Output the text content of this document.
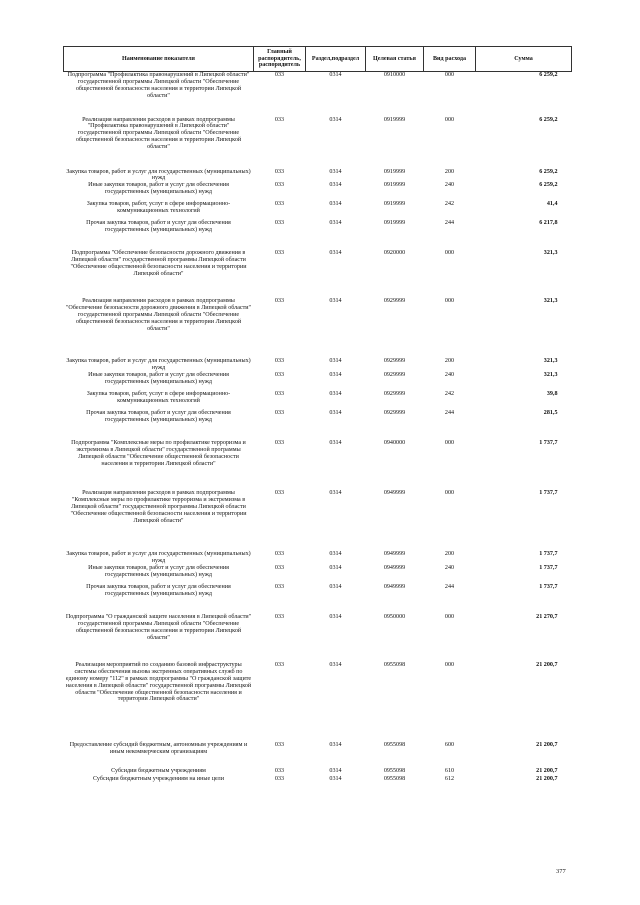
Наименование показателя	Главный распорядитель, распорядитель	Раздел,подраздел	Целевая статья	Вид расхода	Сумма
Подпрограмма "Профилактика правонарушений в Липецкой области" государственной программы Липецкой области "Обеспечение общественной безопасности населения и территории Липецкой области"	033	0314	0910000	000	6 259,2
Реализация направления расходов в рамках подпрограммы "Профилактика правонарушений в Липецкой области" государственной программы Липецкой области "Обеспечение общественной безопасности населения и территории Липецкой области"	033	0314	0919999	000	6 259,2
Закупка товаров, работ и услуг для государственных (муниципальных) нужд	033	0314	0919999	200	6 259,2
Иные закупки товаров, работ и услуг для обеспечения государственных (муниципальных) нужд	033	0314	0919999	240	6 259,2
Закупка товаров, работ, услуг в сфере информационно-коммуникационных технологий	033	0314	0919999	242	41,4
Прочая закупка товаров, работ и услуг для обеспечения государственных (муниципальных) нужд	033	0314	0919999	244	6 217,8
Подпрограмма "Обеспечение безопасности дорожного движения в Липецкой области" государственной программы Липецкой области "Обеспечение общественной безопасности населения и территории Липецкой области"	033	0314	0920000	000	321,3
Реализация направления расходов в рамках подпрограммы "Обеспечение безопасности дорожного движения в Липецкой области" государственной программы Липецкой области "Обеспечение общественной безопасности населения и территории Липецкой области"	033	0314	0929999	000	321,3
Закупка товаров, работ и услуг для государственных (муниципальных) нужд	033	0314	0929999	200	321,3
Иные закупки товаров, работ и услуг для обеспечения государственных (муниципальных) нужд	033	0314	0929999	240	321,3
Закупка товаров, работ, услуг в сфере информационно-коммуникационных технологий	033	0314	0929999	242	39,8
Прочая закупка товаров, работ и услуг для обеспечения государственных (муниципальных) нужд	033	0314	0929999	244	281,5
Подпрограмма "Комплексные меры по профилактике терроризма и экстремизма в Липецкой области" государственной программы Липецкой области "Обеспечение общественной безопасности населения и территории Липецкой области"	033	0314	0940000	000	1 737,7
Реализация направления расходов в рамках подпрограммы "Комплексные меры по профилактике терроризма и экстремизма в Липецкой области" государственной программы Липецкой области "Обеспечение общественной безопасности населения и территории Липецкой области"	033	0314	0949999	000	1 737,7
Закупка товаров, работ и услуг для государственных (муниципальных) нужд	033	0314	0949999	200	1 737,7
Иные закупки товаров, работ и услуг для обеспечения государственных (муниципальных) нужд	033	0314	0949999	240	1 737,7
Прочая закупка товаров, работ и услуг для обеспечения государственных (муниципальных) нужд	033	0314	0949999	244	1 737,7
Подпрограмма "О гражданской защите населения в Липецкой области" государственной программы Липецкой области "Обеспечение общественной безопасности населения и территории Липецкой области"	033	0314	0950000	000	21 270,7
Реализация мероприятий по созданию базовой инфраструктуры системы обеспечения вызова экстренных оперативных служб по единому номеру "112" в рамках подпрограммы "О гражданской защите населения в Липецкой области" государственной программы Липецкой области "Обеспечение общественной безопасности населения и территории Липецкой области"	033	0314	0955098	000	21 200,7
Предоставление субсидий бюджетным, автономным учреждениям и иным некоммерческим организациям	033	0314	0955098	600	21 200,7
Субсидии бюджетным учреждениям	033	0314	0955098	610	21 200,7
Субсидии бюджетным учреждениям на иные цели	033	0314	0955098	612	21 200,7
377
